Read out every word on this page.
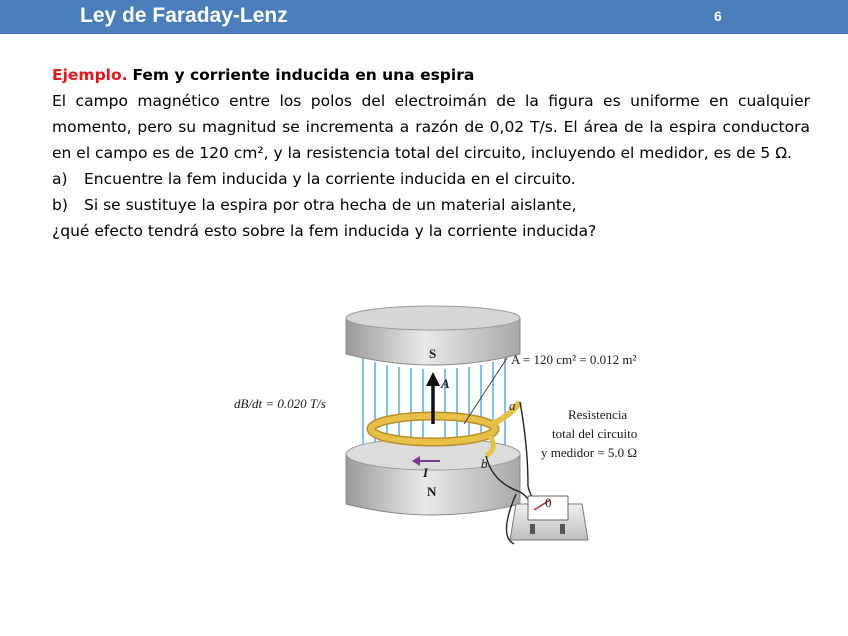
Ley de Faraday-Lenz	6

Ejemplo. Fem y corriente inducida en una espira

El campo magnético entre los polos del electroimán de la figura es uniforme en cualquier momento, pero su magnitud se incrementa a razón de 0,02 T/s. El área de la espira conductora en el campo es de 120 cm², y la resistencia total del circuito, incluyendo el medidor, es de 5 Ω.

a) Encuentre la fem inducida y la corriente inducida en el circuito.

b) Si se sustituye la espira por otra hecha de un material aislante,

¿qué efecto tendrá esto sobre la fem inducida y la corriente inducida?

S
N
A = 120 cm² = 0.012 m²
dB/dt = 0.020 T/s
A
I
a
b
Resistencia
total del circuito
y medidor = 5.0 Ω
0
